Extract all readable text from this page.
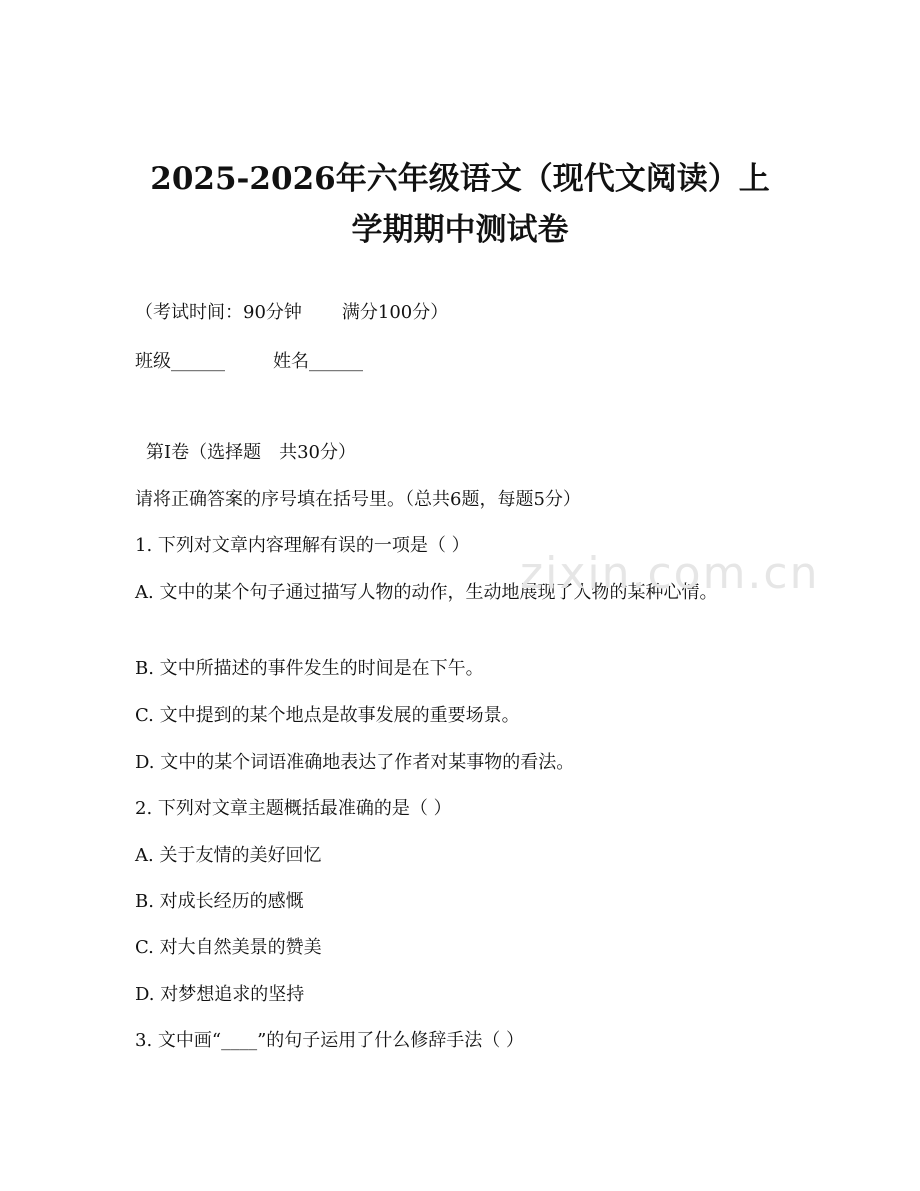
2025-2026年六年级语文（现代文阅读）上
学期期中测试卷
（考试时间：90分钟 满分100分）
班级______	姓名______
第Ⅰ卷（选择题　共30分）
请将正确答案的序号填在括号里。（总共6题，每题5分）
1. 下列对文章内容理解有误的一项是（ ）
A. 文中的某个句子通过描写人物的动作，生动地展现了人物的某种心情。
B. 文中所描述的事件发生的时间是在下午。
C. 文中提到的某个地点是故事发展的重要场景。
D. 文中的某个词语准确地表达了作者对某事物的看法。
2. 下列对文章主题概括最准确的是（ ）
A. 关于友情的美好回忆
B. 对成长经历的感慨
C. 对大自然美景的赞美
D. 对梦想追求的坚持
3. 文中画“____”的句子运用了什么修辞手法（ ）
zixin.com.cn
